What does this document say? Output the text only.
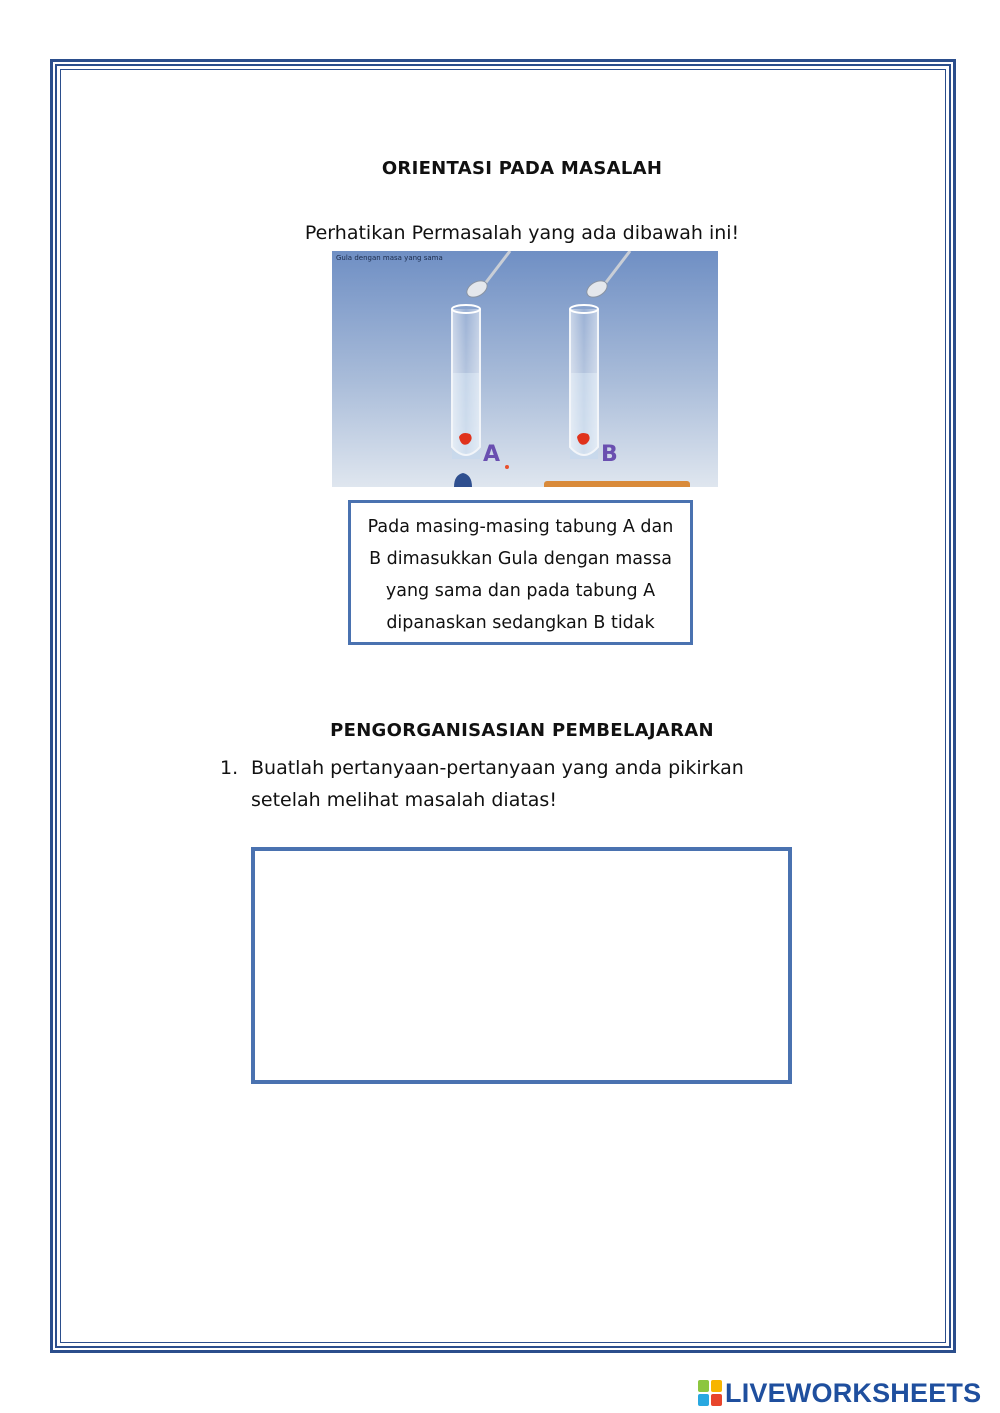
ORIENTASI PADA MASALAH
Perhatikan Permasalah yang ada dibawah ini!
Gula dengan masa yang sama
A	B
Pada masing-masing tabung A dan B dimasukkan Gula dengan massa yang sama dan pada tabung A dipanaskan sedangkan B tidak
PENGORGANISASIAN PEMBELAJARAN
1. Buatlah pertanyaan-pertanyaan yang anda pikirkan setelah melihat masalah diatas!
LIVEWORKSHEETS
